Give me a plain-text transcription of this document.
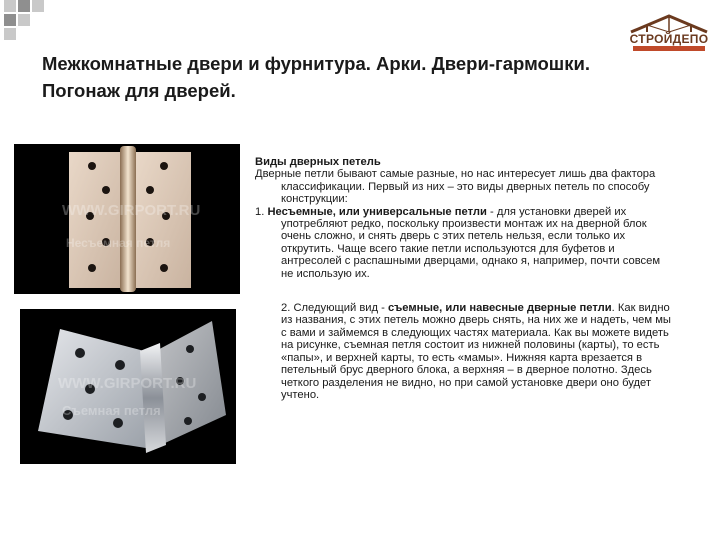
СТРОЙДЕПО
Межкомнатные двери и фурнитура. Арки. Двери-гармошки. Погонаж для дверей.
WWW.GIRPORT.RU
Несъемная петля
WWW.GIRPORT.RU
Съемная петля

Виды дверных петель

Дверные петли бывают самые разные, но нас интересует лишь два фактора классификации. Первый из них – это виды дверных петель по способу конструкции:

1. Несъемные, или универсальные петли - для установки дверей их употребляют редко, поскольку произвести монтаж их на дверной блок очень сложно, и снять дверь с этих петель нельзя, если только их открутить. Чаще всего такие петли используются для буфетов и антресолей с распашными дверцами, однако я, например, почти совсем не использую их.

2. Следующий вид - съемные, или навесные дверные петли. Как видно из названия, с этих петель можно дверь снять, на них же и надеть, чем мы с вами и займемся в следующих частях материала. Как вы можете видеть на рисунке, съемная петля состоит из нижней половины (карты), то есть «папы», и верхней карты, то есть «мамы». Нижняя карта врезается в петельный брус дверного блока, а верхняя – в дверное полотно. Здесь четкого разделения не видно, но при самой установке двери оно будет учтено.
